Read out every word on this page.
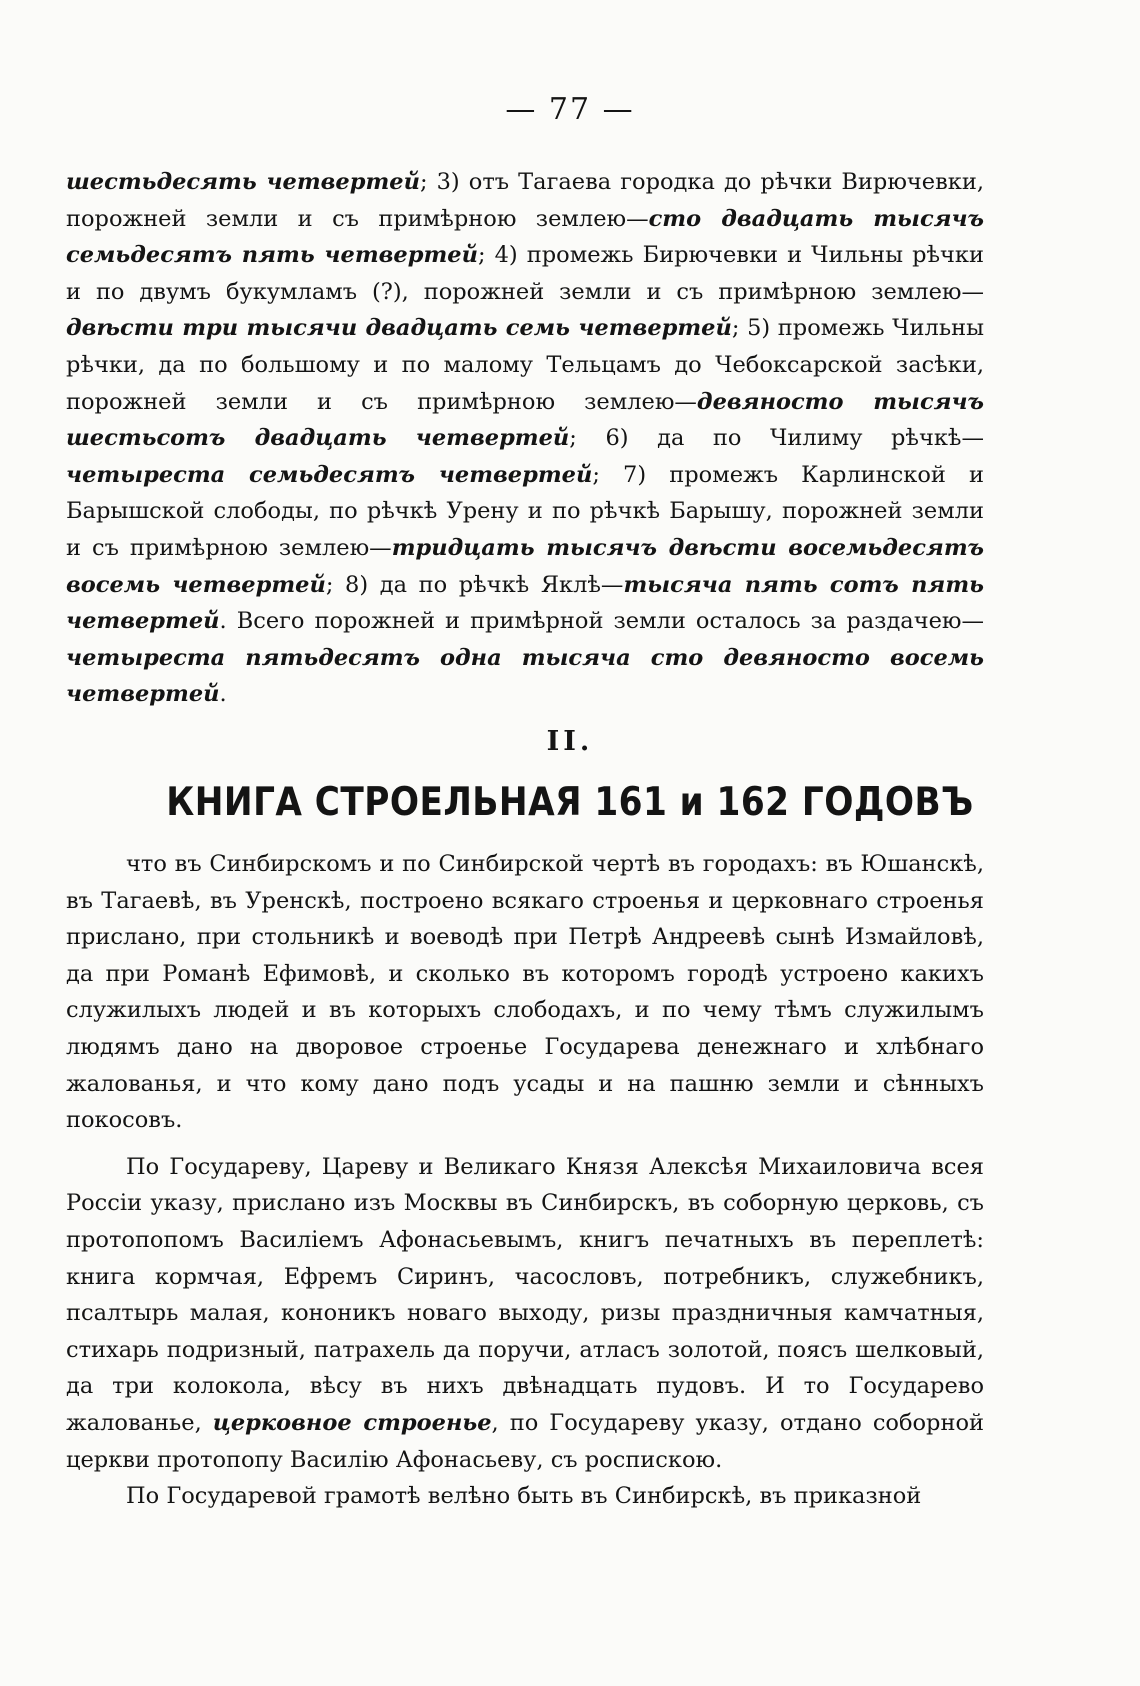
— 77 —

шестьдесять четвертей; 3) отъ Тагаева городка до рѣчки Вирючевки, порожней земли и съ примѣрною землею—сто двадцать тысячъ семьдесятъ пять четвертей; 4) промежь Бирючевки и Чильны рѣчки и по двумъ букумламъ (?), порожней земли и съ примѣрною землею—двѣсти три тысячи двадцать семь четвертей; 5) промежь Чильны рѣчки, да по большому и по малому Тельцамъ до Чебоксарской засѣки, порожней земли и съ примѣрною землею—девяносто тысячъ шестьсотъ двадцать четвертей; 6) да по Чилиму рѣчкѣ—четыреста семьдесятъ четвертей; 7) промежъ Карлинской и Барышской слободы, по рѣчкѣ Урену и по рѣчкѣ Барышу, порожней земли и съ примѣрною землею—тридцать тысячъ двѣсти восемьдесятъ восемь четвертей; 8) да по рѣчкѣ Яклѣ—тысяча пять сотъ пять четвертей. Всего порожней и примѣрной земли осталось за раздачею—четыреста пятьдесятъ одна тысяча сто девяносто восемь четвертей.

II.
КНИГА СТРОЕЛЬНАЯ 161 и 162 ГОДОВЪ

что въ Синбирскомъ и по Синбирской чертѣ въ городахъ: въ Юшанскѣ, въ Тагаевѣ, въ Уренскѣ, построено всякаго строенья и церковнаго строенья прислано, при стольникѣ и воеводѣ при Петрѣ Андреевѣ сынѣ Измайловѣ, да при Романѣ Ефимовѣ, и сколько въ которомъ городѣ устроено какихъ служилыхъ людей и въ которыхъ слободахъ, и по чему тѣмъ служилымъ людямъ дано на дворовое строенье Государева денежнаго и хлѣбнаго жалованья, и что кому дано подъ усады и на пашню земли и сѣнныхъ покосовъ.

По Государеву, Цареву и Великаго Князя Алексѣя Михаиловича всея Россіи указу, прислано изъ Москвы въ Синбирскъ, въ соборную церковь, съ протопопомъ Василіемъ Афонасьевымъ, книгъ печатныхъ въ переплетѣ: книга кормчая, Ефремъ Сиринъ, часословъ, потребникъ, служебникъ, псалтырь малая, кононикъ новаго выходу, ризы праздничныя камчатныя, стихарь подризный, патрахель да поручи, атласъ золотой, поясъ шелковый, да три колокола, вѣсу въ нихъ двѣнадцать пудовъ. И то Государево жалованье, церковное строенье, по Государеву указу, отдано соборной церкви протопопу Василію Афонасьеву, съ роспискою.

По Государевой грамотѣ велѣно быть въ Синбирскѣ, въ приказной
